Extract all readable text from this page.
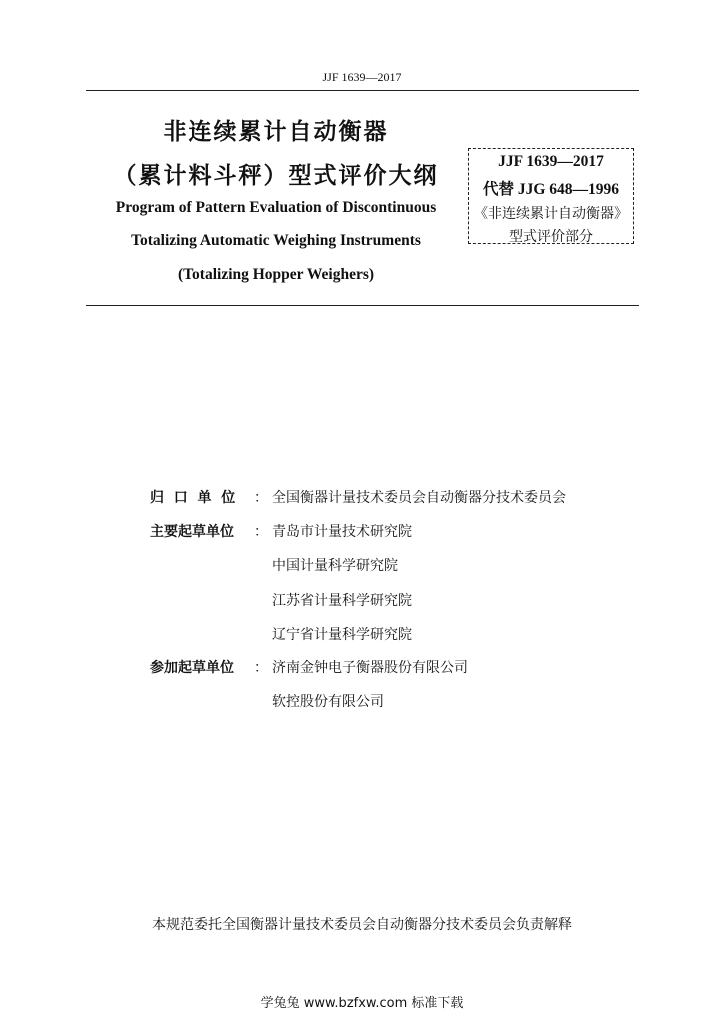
JJF 1639—2017
非连续累计自动衡器
（累计料斗秤）型式评价大纲
Program of Pattern Evaluation of Discontinuous
Totalizing Automatic Weighing Instruments
(Totalizing Hopper Weighers)
JJF 1639—2017
代替 JJG 648—1996
《非连续累计自动衡器》
型式评价部分
归  口  单  位 ： 全国衡器计量技术委员会自动衡器分技术委员会
主要起草单位 ： 青岛市计量技术研究院
中国计量科学研究院
江苏省计量科学研究院
辽宁省计量科学研究院
参加起草单位 ： 济南金钟电子衡器股份有限公司
软控股份有限公司
本规范委托全国衡器计量技术委员会自动衡器分技术委员会负责解释
学兔兔 www.bzfxw.com 标准下载
